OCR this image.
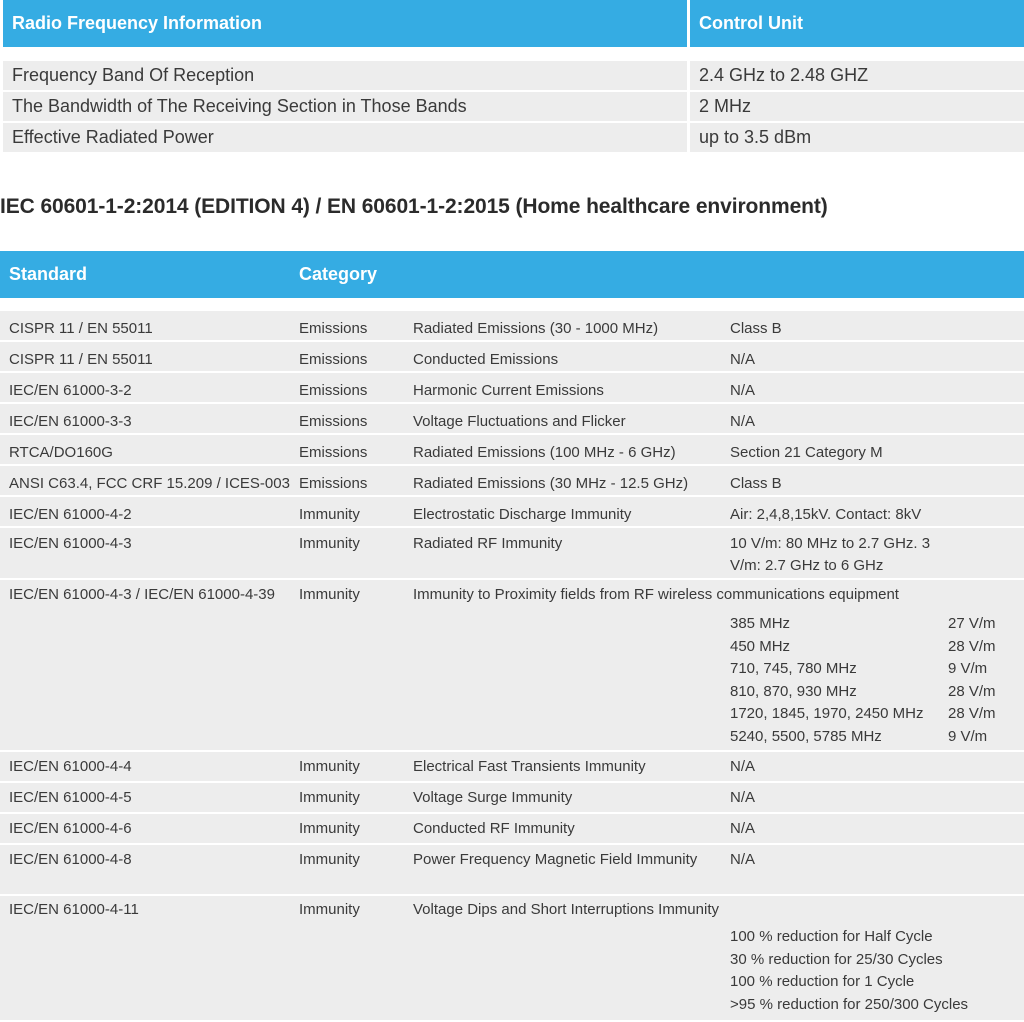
Radio Frequency Information	Control Unit
Frequency Band Of Reception	2.4 GHz to 2.48 GHZ
The Bandwidth of The Receiving Section in Those Bands	2 MHz
Effective Radiated Power	up to 3.5 dBm
IEC 60601-1-2:2014 (EDITION 4) / EN 60601-1-2:2015 (Home healthcare environment)
Standard	Category
CISPR 11 / EN 55011	Emissions	Radiated Emissions (30 - 1000 MHz)	Class B
CISPR 11 / EN 55011	Emissions	Conducted Emissions	N/A
IEC/EN 61000-3-2	Emissions	Harmonic Current Emissions	N/A
IEC/EN 61000-3-3	Emissions	Voltage Fluctuations and Flicker	N/A
RTCA/DO160G	Emissions	Radiated Emissions (100 MHz - 6 GHz)	Section 21 Category M
ANSI C63.4, FCC CRF 15.209 / ICES-003 Emissions	Radiated Emissions (30 MHz - 12.5 GHz)	Class B
IEC/EN 61000-4-2	Immunity	Electrostatic Discharge Immunity	Air: 2,4,8,15kV. Contact: 8kV
IEC/EN 61000-4-3	Immunity	Radiated RF Immunity	10 V/m: 80 MHz to 2.7 GHz. 3 V/m: 2.7 GHz to 6 GHz
IEC/EN 61000-4-3 / IEC/EN 61000-4-39 Immunity	Immunity to Proximity fields from RF wireless communications equipment
385 MHz	27 V/m
450 MHz	28 V/m
710, 745, 780 MHz	9 V/m
810, 870, 930 MHz	28 V/m
1720, 1845, 1970, 2450 MHz 28 V/m
5240, 5500, 5785 MHz	9 V/m
IEC/EN 61000-4-4	Immunity	Electrical Fast Transients Immunity	N/A
IEC/EN 61000-4-5	Immunity	Voltage Surge Immunity	N/A
IEC/EN 61000-4-6	Immunity	Conducted RF Immunity	N/A
IEC/EN 61000-4-8	Immunity	Power Frequency Magnetic Field Immunity N/A
IEC/EN 61000-4-11	Immunity	Voltage Dips and Short Interruptions Immunity
100 % reduction for Half Cycle
30 % reduction for 25/30 Cycles
100 % reduction for 1 Cycle
>95 % reduction for 250/300 Cycles
